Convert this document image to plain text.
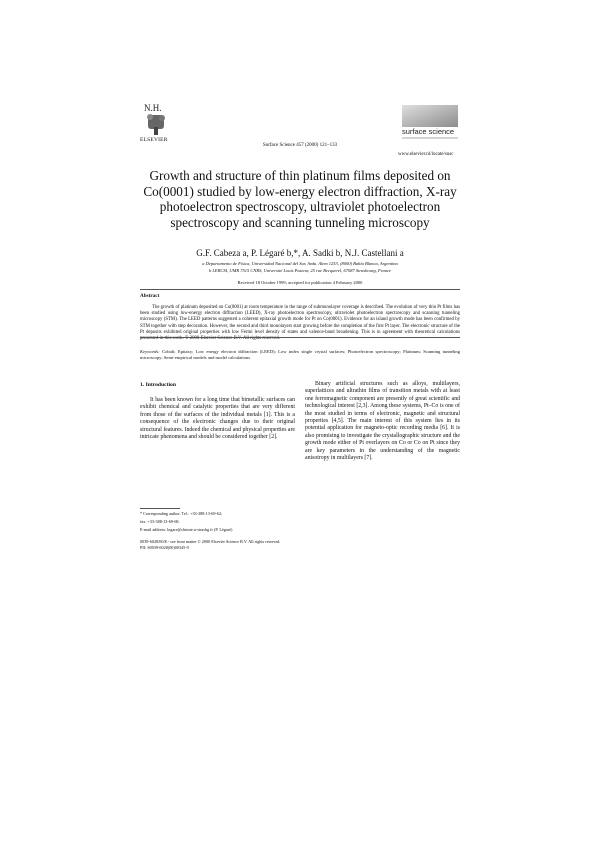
N.H.
ELSEVIER
surface science
Surface Science 457 (2000) 121–133
www.elsevier.nl/locate/susc
Growth and structure of thin platinum films deposited on Co(0001) studied by low-energy electron diffraction, X-ray photoelectron spectroscopy, ultraviolet photoelectron spectroscopy and scanning tunneling microscopy
G.F. Cabeza a, P. Légaré b,*, A. Sadki b, N.J. Castellani a
a Departamento de Física, Universidad Nacional del Sur, Avda. Alem 1253, (8000) Bahía Blanca, Argentina
b LERCSI, UMR 7515 CNRS, Université Louis Pasteur, 25 rue Becquerel, 67087 Strasbourg, France
Received 18 October 1999; accepted for publication 4 February 2000
Abstract
The growth of platinum deposited on Co(0001) at room temperature in the range of submonolayer coverage is described. The evolution of very thin Pt films has been studied using low-energy electron diffraction (LEED), X-ray photoelectron spectroscopy, ultraviolet photoelectron spectroscopy and scanning tunneling microscopy (STM). The LEED patterns suggested a coherent epitaxial growth mode for Pt on Co(0001). Evidence for an island growth mode has been confirmed by STM together with step decoration. However, the second and third monolayers start growing before the completion of the first Pt layer. The electronic structure of the Pt deposits exhibited original properties with low Fermi level density of states and valence-band broadening. This is in agreement with theoretical calculations presented in this work. © 2000 Elsevier Science B.V. All rights reserved.
Keywords: Cobalt; Epitaxy; Low energy electron diffraction (LEED); Low index single crystal surfaces; Photoelectron spectroscopy; Platinum; Scanning tunneling microscopy; Semi-empirical models and model calculations
1. Introduction
It has been known for a long time that bimetallic surfaces can exhibit chemical and catalytic properties that are very different from those of the surfaces of the individual metals [1]. This is a consequence of the electronic changes due to their original structural features. Indeed the chemical and physical properties are intricate phenomena and should be considered together [2].
Binary artificial structures such as alloys, multilayers, superlattices and ultrathin films of transition metals with at least one ferromagnetic component are presently of great scientific and technological interest [2,3]. Among these systems, Pt–Co is one of the most studied in terms of electronic, magnetic and structural properties [4,5]. The main interest of this system lies in its potential application for magneto-optic recording media [6]. It is also promising to investigate the crystallographic structure and the growth mode either of Pt overlayers on Co or Co on Pt since they are key parameters in the understanding of the magnetic anisotropy in multilayers [7].
* Corresponding author. Tel.: +33-388-13-69-62;
fax: +33-388-13-69-68.
E-mail address: legare@chimie.u-strasbg.fr (P. Légaré)
0039-6028/00/$ - see front matter © 2000 Elsevier Science B.V. All rights reserved.
PII: S0039-6028(00)00345-9
